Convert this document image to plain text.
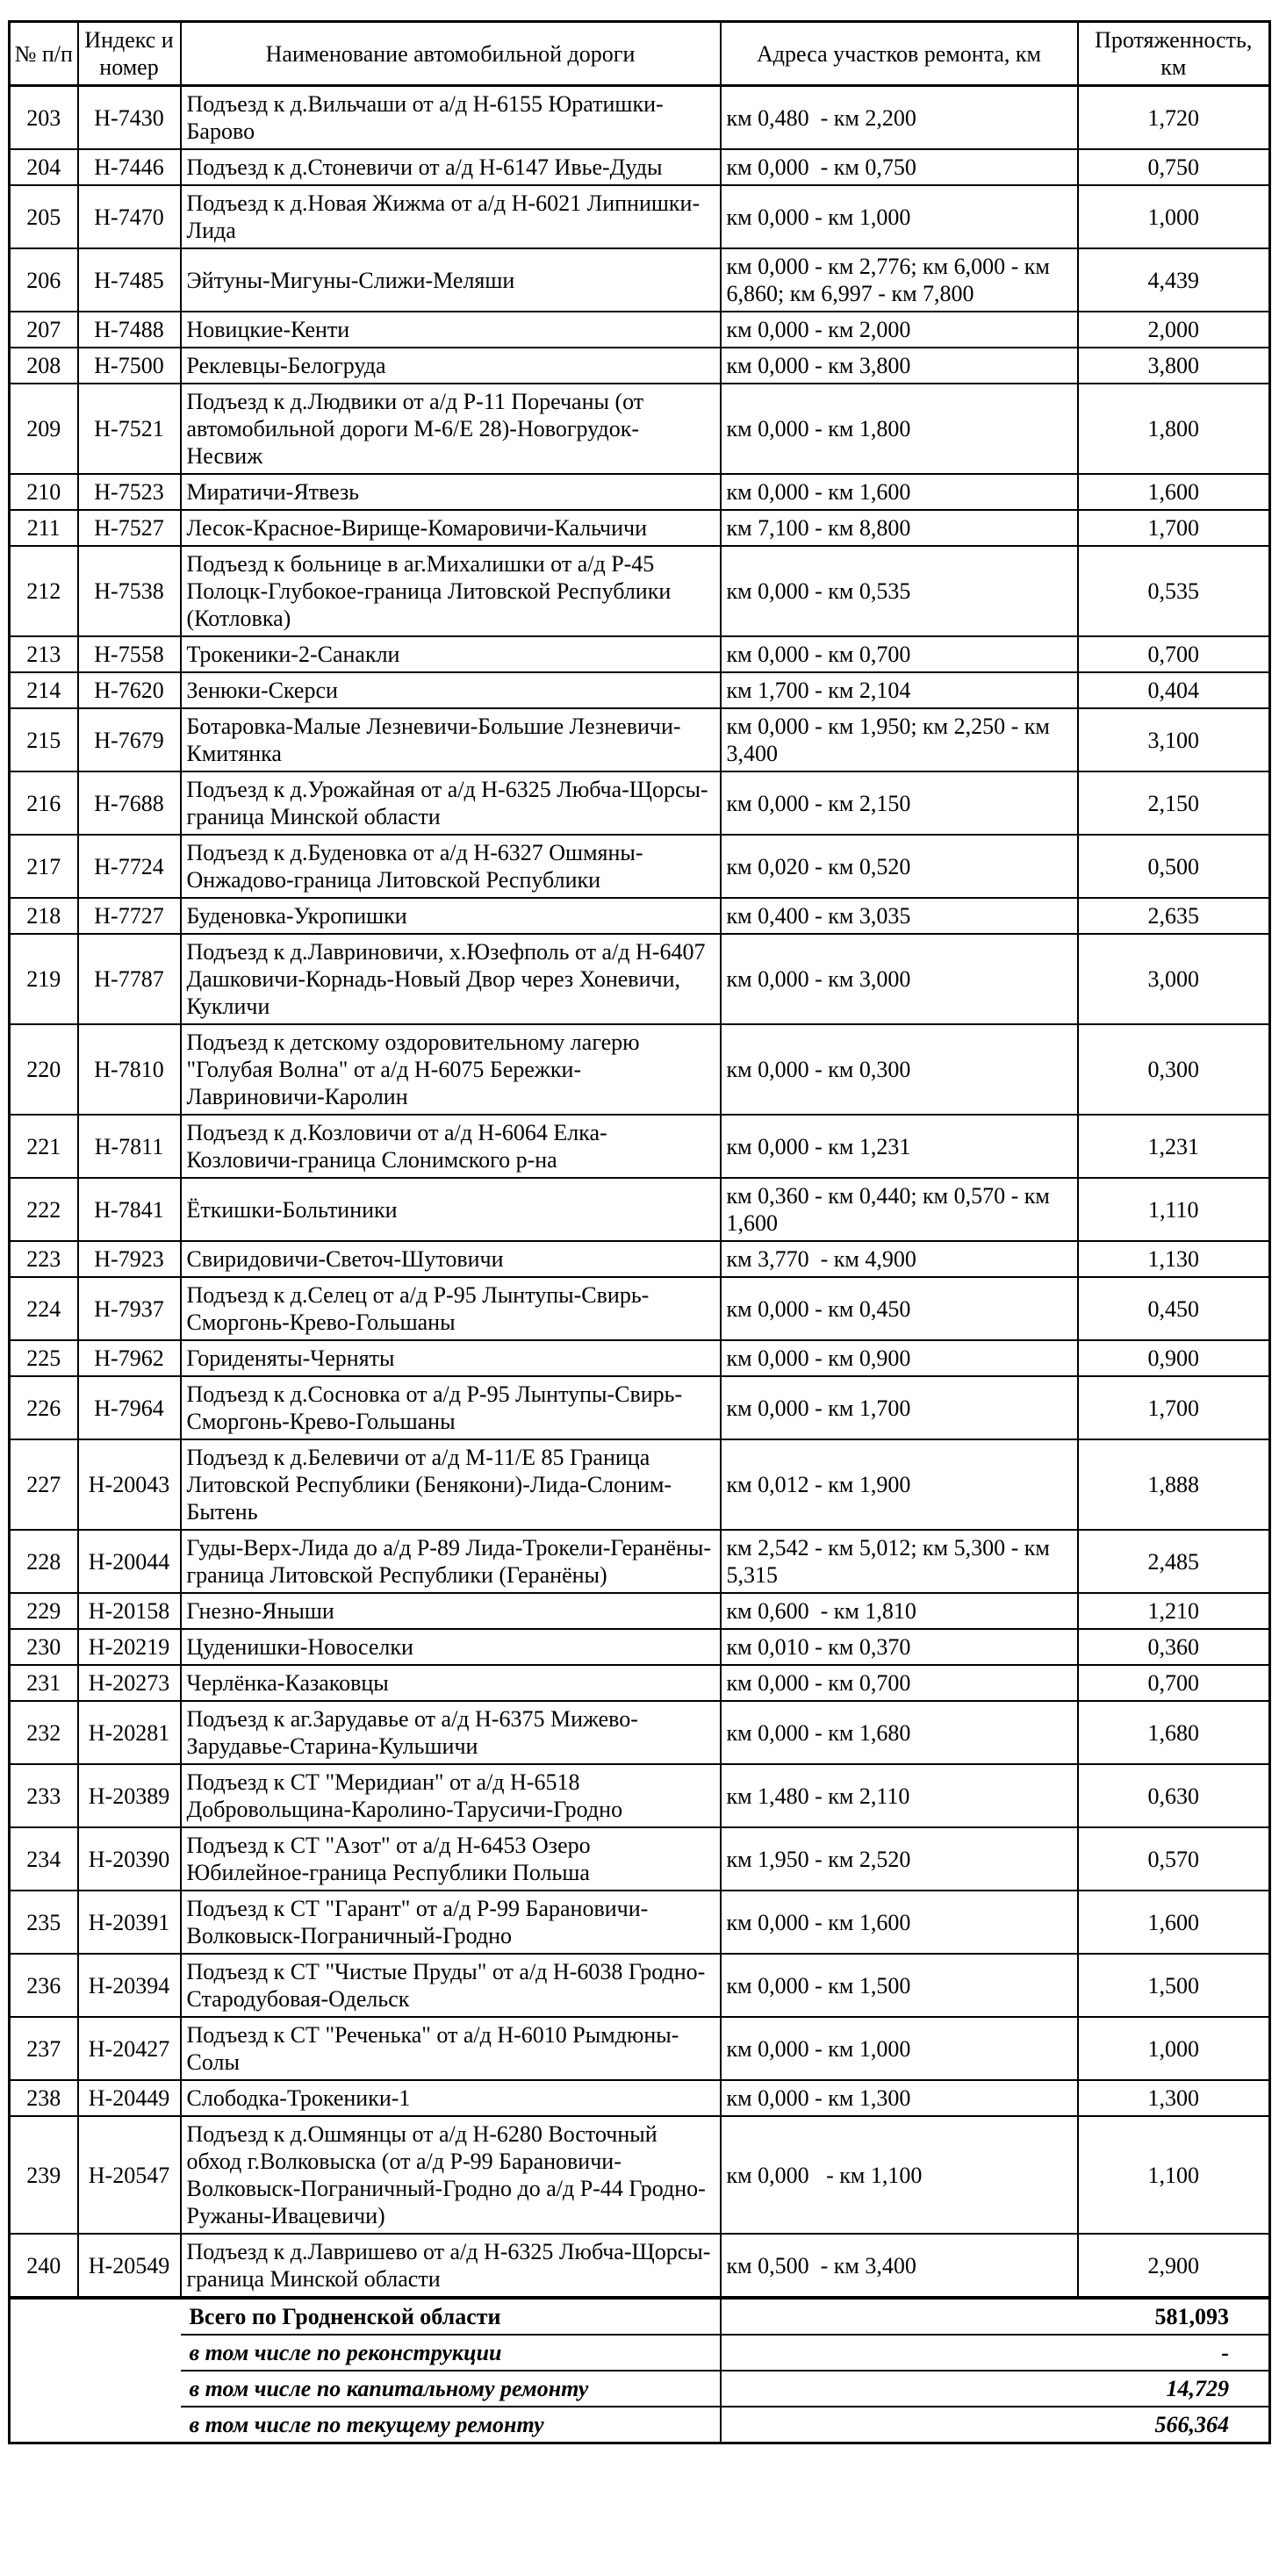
№ п/п	Индекс и номер	Наименование автомобильной дороги	Адреса участков ремонта, км	Протяженность, км
203	Н-7430	Подъезд к д.Вильчаши от а/д Н-6155 Юратишки-Барово	км 0,480  - км 2,200	1,720
204	Н-7446	Подъезд к д.Стоневичи от а/д Н-6147 Ивье-Дуды	км 0,000  - км 0,750	0,750
205	Н-7470	Подъезд к д.Новая Жижма от а/д Н-6021 Липнишки-Лида	км 0,000 - км 1,000	1,000
206	Н-7485	Эйтуны-Мигуны-Слижи-Меляши	км 0,000 - км 2,776; км 6,000 - км 6,860; км 6,997 - км 7,800	4,439
207	Н-7488	Новицкие-Кенти	км 0,000 - км 2,000	2,000
208	Н-7500	Реклевцы-Белогруда	км 0,000 - км 3,800	3,800
209	Н-7521	Подъезд к д.Людвики от а/д Р-11 Поречаны (от автомобильной дороги М-6/Е 28)-Новогрудок-Несвиж	км 0,000 - км 1,800	1,800
210	Н-7523	Миратичи-Ятвезь	км 0,000 - км 1,600	1,600
211	Н-7527	Лесок-Красное-Вирище-Комаровичи-Кальчичи	км 7,100 - км 8,800	1,700
212	Н-7538	Подъезд к больнице в аг.Михалишки от а/д Р-45 Полоцк-Глубокое-граница Литовской Республики (Котловка)	км 0,000 - км 0,535	0,535
213	Н-7558	Трокеники-2-Санакли	км 0,000 - км 0,700	0,700
214	Н-7620	Зенюки-Скерси	км 1,700 - км 2,104	0,404
215	Н-7679	Ботаровка-Малые Лезневичи-Большие Лезневичи-Кмитянка	км 0,000 - км 1,950; км 2,250 - км 3,400	3,100
216	Н-7688	Подъезд к д.Урожайная от а/д Н-6325 Любча-Щорсы-граница Минской области	км 0,000 - км 2,150	2,150
217	Н-7724	Подъезд к д.Буденовка от а/д Н-6327 Ошмяны-Онжадово-граница Литовской Республики	км 0,020 - км 0,520	0,500
218	Н-7727	Буденовка-Укропишки	км 0,400 - км 3,035	2,635
219	Н-7787	Подъезд к д.Лавриновичи, х.Юзефполь от а/д Н-6407 Дашковичи-Корнадь-Новый Двор через Хоневичи, Кукличи	км 0,000 - км 3,000	3,000
220	Н-7810	Подъезд к детскому оздоровительному лагерю "Голубая Волна" от а/д Н-6075 Бережки-Лавриновичи-Каролин	км 0,000 - км 0,300	0,300
221	Н-7811	Подъезд к д.Козловичи от а/д Н-6064 Елка-Козловичи-граница Слонимского р-на	км 0,000 - км 1,231	1,231
222	Н-7841	Ёткишки-Больтиники	км 0,360 - км 0,440; км 0,570 - км 1,600	1,110
223	Н-7923	Свиридовичи-Светоч-Шутовичи	км 3,770  - км 4,900	1,130
224	Н-7937	Подъезд к д.Селец от а/д Р-95 Лынтупы-Свирь-Сморгонь-Крево-Гольшаны	км 0,000 - км 0,450	0,450
225	Н-7962	Гориденяты-Черняты	км 0,000 - км 0,900	0,900
226	Н-7964	Подъезд к д.Сосновка от а/д Р-95 Лынтупы-Свирь-Сморгонь-Крево-Гольшаны	км 0,000 - км 1,700	1,700
227	Н-20043	Подъезд к д.Белевичи от а/д М-11/Е 85 Граница Литовской Республики (Бенякони)-Лида-Слоним-Бытень	км 0,012 - км 1,900	1,888
228	Н-20044	Гуды-Верх-Лида до а/д Р-89 Лида-Трокели-Геранёны-граница Литовской Республики (Геранёны)	км 2,542 - км 5,012; км 5,300 - км 5,315	2,485
229	Н-20158	Гнезно-Яныши	км 0,600  - км 1,810	1,210
230	Н-20219	Цуденишки-Новоселки	км 0,010 - км 0,370	0,360
231	Н-20273	Черлёнка-Казаковцы	км 0,000 - км 0,700	0,700
232	Н-20281	Подъезд к аг.Зарудавье от а/д Н-6375 Мижево-Зарудавье-Старина-Кульшичи	км 0,000 - км 1,680	1,680
233	Н-20389	Подъезд к СТ "Меридиан" от а/д Н-6518 Добровольщина-Каролино-Тарусичи-Гродно	км 1,480 - км 2,110	0,630
234	Н-20390	Подъезд к СТ "Азот" от а/д Н-6453 Озеро Юбилейное-граница Республики Польша	км 1,950 - км 2,520	0,570
235	Н-20391	Подъезд к СТ "Гарант" от а/д Р-99 Барановичи-Волковыск-Пограничный-Гродно	км 0,000 - км 1,600	1,600
236	Н-20394	Подъезд к СТ "Чистые Пруды" от а/д Н-6038 Гродно-Стародубовая-Одельск	км 0,000 - км 1,500	1,500
237	Н-20427	Подъезд к СТ "Реченька" от а/д Н-6010 Рымдюны-Солы	км 0,000 - км 1,000	1,000
238	Н-20449	Слободка-Трокеники-1	км 0,000 - км 1,300	1,300
239	Н-20547	Подъезд к д.Ошмянцы от а/д Н-6280 Восточный обход г.Волковыска (от а/д Р-99 Барановичи-Волковыск-Пограничный-Гродно до а/д Р-44 Гродно-Ружаны-Ивацевичи)	км 0,000   - км 1,100	1,100
240	Н-20549	Подъезд к д.Лавришево от а/д Н-6325 Любча-Щорсы-граница Минской области	км 0,500  - км 3,400	2,900
		Всего по Гродненской области	581,093	
		в том числе по реконструкции	-	
		в том числе по капитальному ремонту	14,729	
		в том числе по текущему ремонту	566,364	
